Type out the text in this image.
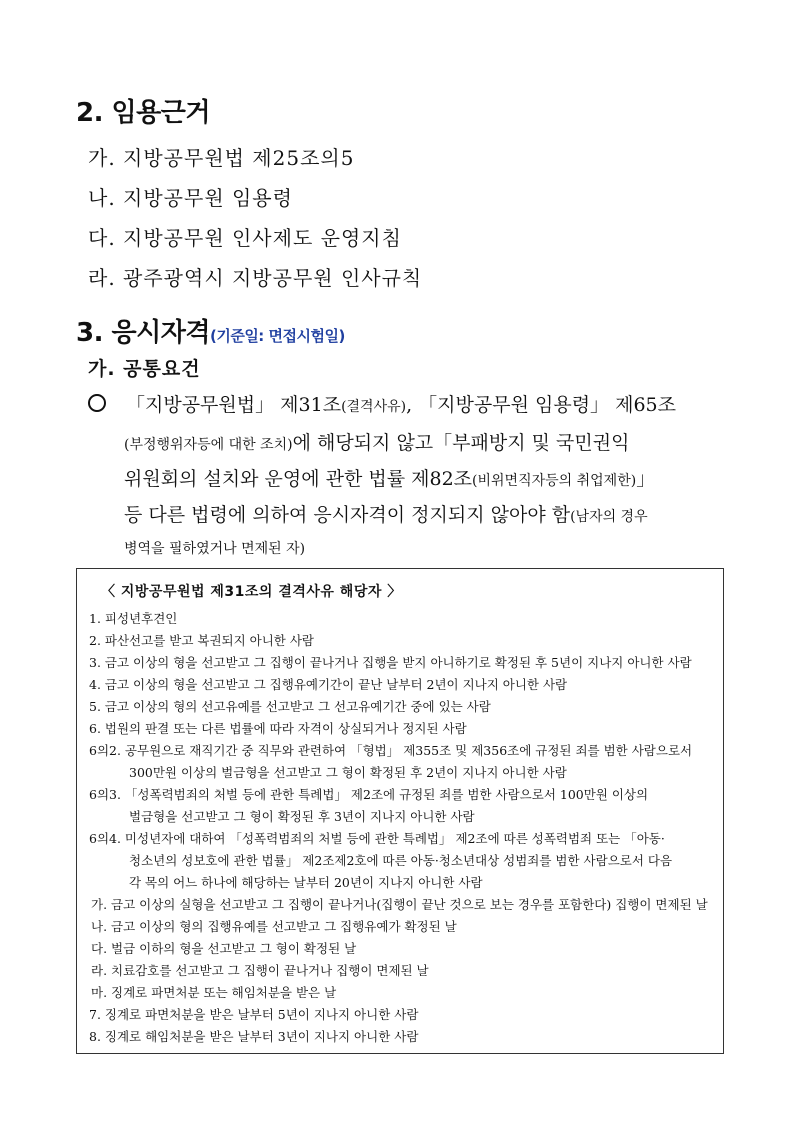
2. 임용근거
가. 지방공무원법 제25조의5
나. 지방공무원 임용령
다. 지방공무원 인사제도 운영지침
라. 광주광역시 지방공무원 인사규칙
3. 응시자격(기준일: 면접시험일)
가. 공통요건
「지방공무원법」 제31조(결격사유), 「지방공무원 임용령」 제65조
(부정행위자등에 대한 조치)에 해당되지 않고「부패방지 및 국민권익
위원회의 설치와 운영에 관한 법률 제82조(비위면직자등의 취업제한)」
등 다른 법령에 의하여 응시자격이 정지되지 않아야 함(남자의 경우
병역을 필하였거나 면제된 자)
〈 지방공무원법 제31조의 결격사유 해당자 〉
1. 피성년후견인
2. 파산선고를 받고 복권되지 아니한 사람
3. 금고 이상의 형을 선고받고 그 집행이 끝나거나 집행을 받지 아니하기로 확정된 후 5년이 지나지 아니한 사람
4. 금고 이상의 형을 선고받고 그 집행유예기간이 끝난 날부터 2년이 지나지 아니한 사람
5. 금고 이상의 형의 선고유예를 선고받고 그 선고유예기간 중에 있는 사람
6. 법원의 판결 또는 다른 법률에 따라 자격이 상실되거나 정지된 사람
6의2. 공무원으로 재직기간 중 직무와 관련하여 「형법」 제355조 및 제356조에 규정된 죄를 범한 사람으로서
300만원 이상의 벌금형을 선고받고 그 형이 확정된 후 2년이 지나지 아니한 사람
6의3. 「성폭력범죄의 처벌 등에 관한 특례법」 제2조에 규정된 죄를 범한 사람으로서 100만원 이상의
벌금형을 선고받고 그 형이 확정된 후 3년이 지나지 아니한 사람
6의4. 미성년자에 대하여 「성폭력범죄의 처벌 등에 관한 특례법」 제2조에 따른 성폭력범죄 또는 「아동·
청소년의 성보호에 관한 법률」 제2조제2호에 따른 아동·청소년대상 성범죄를 범한 사람으로서 다음
각 목의 어느 하나에 해당하는 날부터 20년이 지나지 아니한 사람
가. 금고 이상의 실형을 선고받고 그 집행이 끝나거나(집행이 끝난 것으로 보는 경우를 포함한다) 집행이 면제된 날
나. 금고 이상의 형의 집행유예를 선고받고 그 집행유예가 확정된 날
다. 벌금 이하의 형을 선고받고 그 형이 확정된 날
라. 치료감호를 선고받고 그 집행이 끝나거나 집행이 면제된 날
마. 징계로 파면처분 또는 해임처분을 받은 날
7. 징계로 파면처분을 받은 날부터 5년이 지나지 아니한 사람
8. 징계로 해임처분을 받은 날부터 3년이 지나지 아니한 사람
